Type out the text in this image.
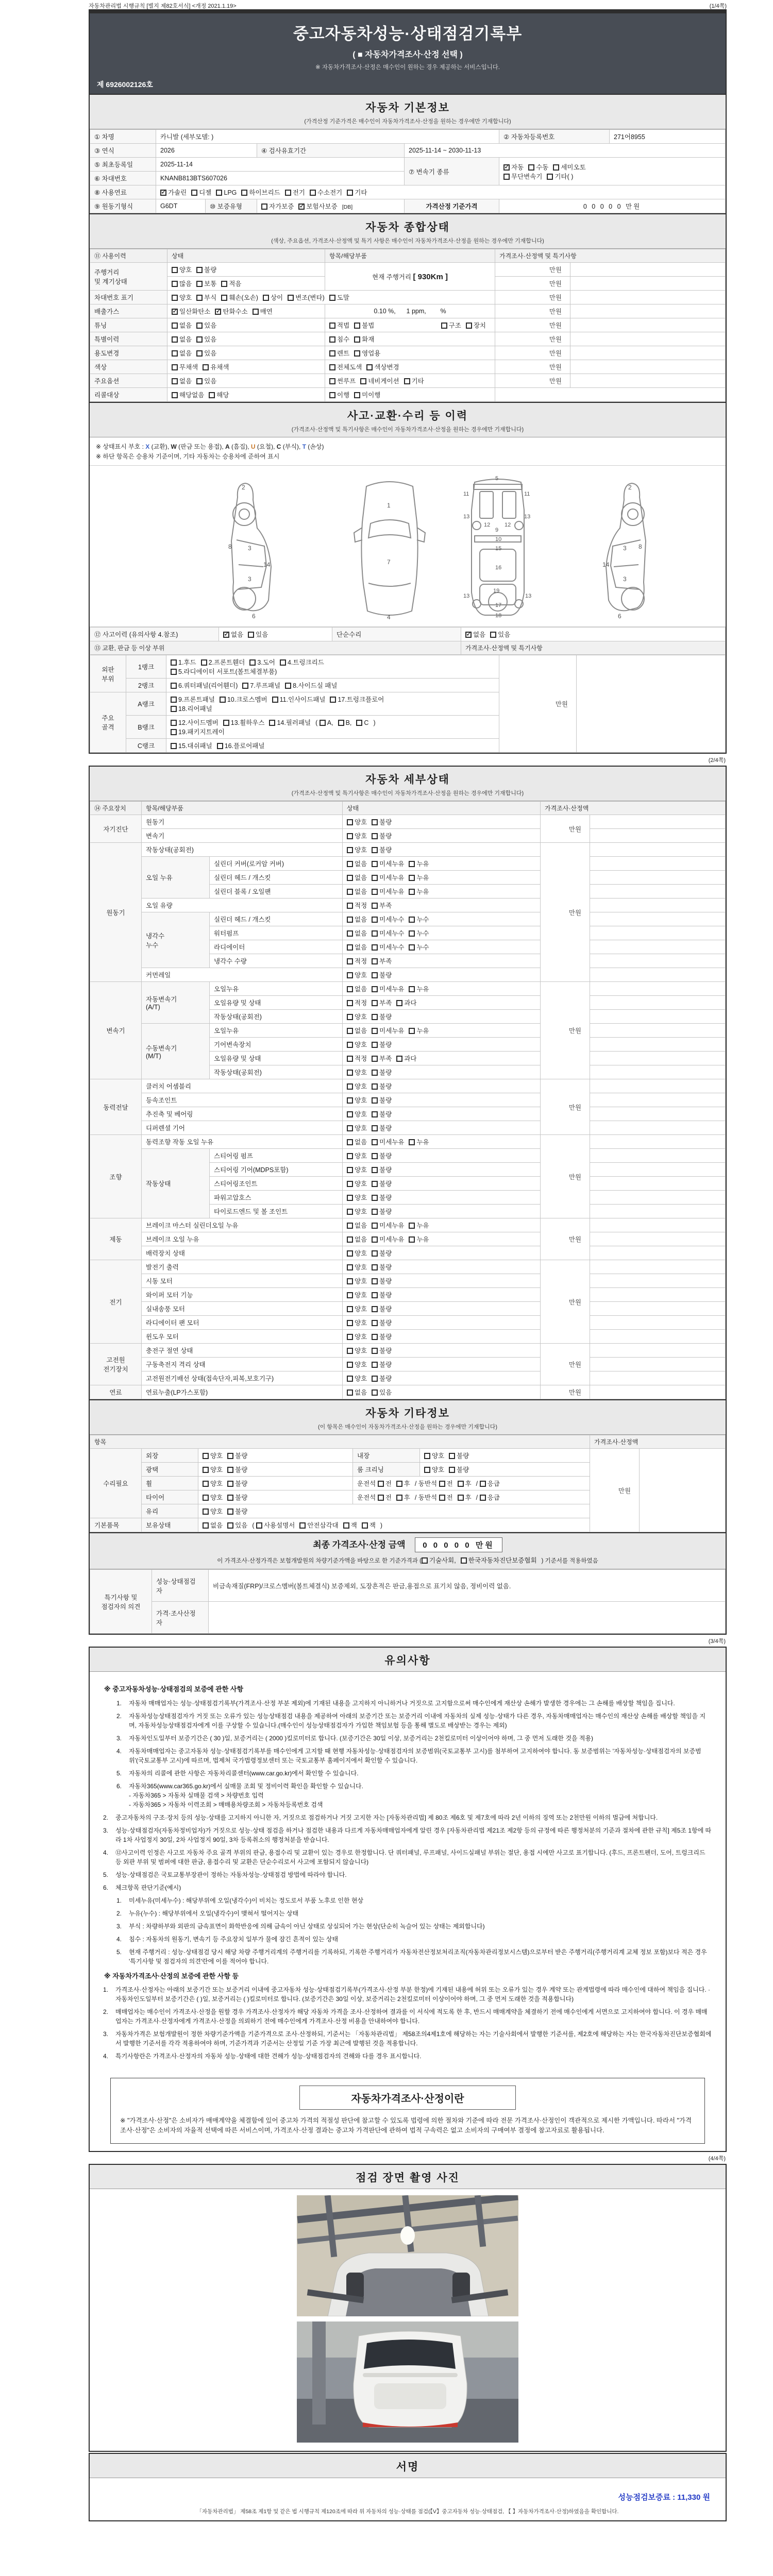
자동차관리법 시행규칙 [별지 제82호서식] <개정 2021.1.19>	(1/4쪽)
중고자동차성능·상태점검기록부
( ■ 자동차가격조사·산정 선택 )
※ 자동차가격조사·산정은 매수인이 원하는 경우 제공하는 서비스입니다.
제 6926002126호
자동차 기본정보
(가격산정 기준가격은 매수인이 자동차가격조사·산정을 원하는 경우에만 기재합니다)
① 차명	카니발 (세부모델: )				② 자동차등록번호	271어8955
③ 연식	2026		④ 검사유효기간	2025-11-14 ~ 2030-11-13		
⑤ 최초등록일	2025-11-14			⑦ 변속기 종류	✓자동 수동 세미오토
무단변속기 기타( )
⑥ 차대번호	KNANB813BTS607026					
⑧ 사용연료	✓가솔린 디젤 LPG 하이브리드 전기 수소전기 기타
⑨ 원동기형식	G6DT	⑩ 보증유형	자가보증 ✓ 보험사보증 [DB]	가격산정 기준가격	0 0 0 0 0 만원	
자동차 종합상태
(색상, 주요옵션, 가격조사·산정액 및 특기 사항은 매수인이 자동차가격조사·산정을 원하는 경우에만 기재합니다)
⑪ 사용이력	상태	항목/해당부품	가격조사·산정액 및 특기사항	
주행거리
및 계기상태	양호 불량	현재 주행거리 [ 930Km ]	만원	
	많음 보통 적음		만원	
차대번호 표기	양호 부식 훼손(오손) 상이 변조(변타) 도말		만원	
배출가스	✓일산화탄소 ✓ 탄화수소 매연	0.10 %,      1 ppm,        %	만원	
튜닝	없음 있음	적법 불법 구조 장치	만원	
특별이력	없음 있음	침수 화재	만원	
용도변경	없음 있음	렌트 영업용	만원	
색상	무채색 유채색	전체도색 색상변경	만원	
주요옵션	없음 있음	썬루프 네비게이션 기타	만원	
리콜대상	해당없음 해당	이행 미이행		
사고·교환·수리 등 이력
(가격조사·산정액 및 특기사항은 매수인이 자동차가격조사·산정을 원하는 경우에만 기재합니다)
※ 상태표시 부호 : X (교환), W (판금 또는 용접), A (흠집), U (요철), C (부식), T (손상)
※ 하단 항목은 승용차 기준이며, 기타 자동차는 승용차에 준하여 표시
2
8	3
14
3
6
1
7
4
5
11	11
13	13
12	12
9
10
15
16
13	13
19
17
18
2
8
3
14
3
6
⑫ 사고이력 (유의사항 4.참조)	✓없음 있음	단순수리	✓없음 있음
⑬ 교환, 판금 등 이상 부위			가격조사·산정액 및 특기사항
외판
부위	1랭크	1.후드 2.프론트휀더 3.도어 4.트렁크리드
5.라디에이터 서포트(볼트체결부품)	만원	
	2랭크	6.쿼터패널(리어휀더) 7.루프패널 8.사이드실 패널		
주요
골격	A랭크	9.프론트패널 10.크로스멤버 11.인사이드패널 17.트렁크플로어
18.리어패널		
	B랭크	12.사이드멤버 13.휠하우스 14.필러패널 ( A, B, C )
19.패키지트레이		
	C랭크	15.대쉬패널 16.플로어패널		
(2/4쪽)
자동차 세부상태
(가격조사·산정액 및 특기사항은 매수인이 자동차가격조사·산정을 원하는 경우에만 기재합니다)
⑭ 주요장치	항목/해당부품		상태	가격조사·산정액	
자기진단	원동기		양호 불량	만원	
	변속기		양호 불량		
원동기	작동상태(공회전)		양호 불량	만원	
	오일 누유	실린더 커버(로커암 커버)	없음 미세누유 누유		
		실린더 헤드 / 개스킷	없음 미세누유 누유		
		실린더 블록 / 오일팬	없음 미세누유 누유		
	오일 유량		적정 부족		
	냉각수
누수	실린더 헤드 / 개스킷	없음 미세누수 누수		
		워터펌프	없음 미세누수 누수		
		라디에이터	없음 미세누수 누수		
		냉각수 수량	적정 부족		
	커먼레일		양호 불량		
변속기	자동변속기
(A/T)	오일누유	없음 미세누유 누유	만원	
		오일유량 및 상태	적정 부족 과다		
		작동상태(공회전)	양호 불량		
	수동변속기
(M/T)	오일누유	없음 미세누유 누유		
		기어변속장치	양호 불량		
		오일유량 및 상태	적정 부족 과다		
		작동상태(공회전)	양호 불량		
동력전달	클러치 어셈블리		양호 불량	만원	
	등속조인트		양호 불량		
	추진축 및 베어링		양호 불량		
	디퍼렌셜 기어		양호 불량		
조향	동력조향 작동 오일 누유		없음 미세누유 누유	만원	
	작동상태	스티어링 펌프	양호 불량		
		스티어링 기어(MDPS포함)	양호 불량		
		스티어링조인트	양호 불량		
		파워고압호스	양호 불량		
		타이로드엔드 및 볼 조인트	양호 불량		
제동	브레이크 마스터 실린더오일 누유		없음 미세누유 누유	만원	
	브레이크 오일 누유		없음 미세누유 누유		
	배력장치 상태		양호 불량		
전기	발전기 출력		양호 불량	만원	
	시동 모터		양호 불량		
	와이퍼 모터 기능		양호 불량		
	실내송풍 모터		양호 불량		
	라디에이터 팬 모터		양호 불량		
	윈도우 모터		양호 불량		
고전원
전기장치	충전구 절연 상태		양호 불량	만원	
	구동축전지 격리 상태		양호 불량		
	고전원전기배선 상태(접속단자,피복,보호기구)		양호 불량		
연료	연료누출(LP가스포함)		없음 있음	만원	
자동차 기타정보
(이 항목은 매수인이 자동차가격조사·산정을 원하는 경우에만 기재합니다)
항목					가격조사·산정액	
수리필요	외장	양호 불량	내장	양호 불량	만원	
	광택	양호 불량	룸 크리닝	양호 불량		
	휠	양호 불량	운전석 전 후 / 동반석 전 후 / 응급			
	타이어	양호 불량	운전석 전 후 / 동반석 전 후 / 응급			
	유리	양호 불량				
기본품목	보유상태	없음 있음 ( 사용설명서 안전삼각대 잭 잭 )				
최종 가격조사·산정 금액 0 0 0 0 0 만원
이 가격조사·산정가격은 보험개발원의 차량기준가액을 바탕으로 한 기준가격과 ( 기술사회, 한국자동차진단보증협회 ) 기준서를 적용하였음
특기사항 및
점검자의 의견	성능·상태점검
자	비금속재질(FRP)/크로스멤버(볼트체결식) 보증제외, 도장흔적은 판금,용접으로 표기치 않음, 정비이력 없음.
	가격·조사산정
자	
(3/4쪽)
유의사항
※ 중고자동차성능·상태점검의 보증에 관한 사항
1.	자동차 매매업자는 성능·상태점검기록부(가격조사·산정 부분 제외)에 기재된 내용을 고지하지 아니하거나 거짓으로 고지함으로써 매수인에게 재산상 손해가 발생한 경우에는 그 손해를 배상할 책임을 집니다.
2.	자동차성능상태점검자가 거짓 또는 오류가 있는 성능상태점검 내용을 제공하여 아래의 보증기간 또는 보증거리 이내에 자동차의 실제 성능·상태가 다른 경우, 자동차매매업자는 매수인의 재산상 손해를 배상할 책임을 지며, 자동차성능상태점검자에게 이를 구상할 수 있습니다.(매수인이 성능상태점검자가 가입한 책임보험 등을 통해 별도로 배상받는 경우는 제외)
3.	자동차인도일부터 보증기간은 ( 30 )일, 보증거리는 ( 2000 )킬로미터로 합니다. (보증기간은 30일 이상, 보증거리는 2천킬로미터 이상이어야 하며, 그 중 먼저 도래한 것을 적용)
4.	자동차매매업자는 중고자동차 성능·상태점검기록부를 매수인에게 고지할 때 현행 자동차성능·상태점검자의 보증범위(국토교통부 고시)를 첨부하여 고지하여야 합니다. 동 보증범위는 '자동차성능·상태점검자의 보증범위'(국토교통부 고시)에 따르며, 법제처 국가법령정보센터 또는 국토교통부 홈페이지에서 확인할 수 있습니다.
5.	자동차의 리콜에 관한 사항은 자동차리콜센터(www.car.go.kr)에서 확인할 수 있습니다.
6.	자동차365(www.car365.go.kr)에서 실매물 조회 및 정비이력 확인을 확인할 수 있습니다.
- 자동차365 > 자동차 실매물 검색 > 차량번호 입력
- 자동차365 > 자동차 이력조회 > 매매용차량조회 > 자동차등록번호 검색
2.	중고자동차의 구조·장치 등의 성능·상태를 고지하지 아니한 자, 거짓으로 점검하거나 거짓 고지한 자는 [자동차관리법] 제 80조 제6호 및 제7호에 따라 2년 이하의 징역 또는 2천만원 이하의 벌금에 처합니다.
3.	성능·상태점검자(자동차정비업자)가 거짓으로 성능·상태 점검을 하거나 점검한 내용과 다르게 자동차매매업자에게 알린 경우 [자동차관리법 제21조 제2항 등의 규정에 따른 행정처분의 기준과 절차에 관한 규칙] 제5조 1항에 따라 1차 사업정지 30일, 2차 사업정지 90일, 3차 등록취소의 행정처분을 받습니다.
4.	⑫사고이력 인정은 사고로 자동차 주요 골격 부위의 판금, 용접수리 및 교환이 있는 경우로 한정합니다. 단 쿼터패널, 루프패널, 사이드실패널 부위는 절단, 용접 시에만 사고로 표기합니다. (후드, 프론트펜더, 도어, 트렁크리드 등 외판 부위 및 범퍼에 대한 판금, 용접수리 및 교환은 단순수리로서 사고에 포함되지 않습니다)
5.	성능·상태점검은 국토교통부장관이 정하는 자동차성능·상태점검 방법에 따라야 합니다.
6.	체크항목 판단기준(예시)
1.	미세누유(미세누수) : 해당부위에 오일(냉각수)이 비치는 정도로서 부품 노후로 인한 현상
2.	누유(누수) : 해당부위에서 오일(냉각수)이 맺혀서 떨어지는 상태
3.	부식 : 차량하부와 외판의 금속표면이 화학반응에 의해 금속이 아닌 상태로 상실되어 가는 현상(단순히 녹슬어 있는 상태는 제외합니다)
4.	침수 : 자동차의 원동기, 변속기 등 주요장치 일부가 물에 잠긴 흔적이 있는 상태
5.	현재 주행거리 : 성능·상태점검 당시 해당 차량 주행거리계의 주행거리를 기록하되, 기록한 주행거리가 자동차전산정보처리조직(자동차관리정보시스템)으로부터 받은 주행거리(주행거리계 교체 정보 포함)보다 적은 경우 '특기사항 및 점검자의 의견'란에 이를 적어야 합니다.
※ 자동차가격조사·산정의 보증에 관한 사항 등
1.	가격조사·산정자는 아래의 보증기간 또는 보증거리 이내에 중고자동차 성능·상태점검기록부(가격조사·산정 부분 한정)에 기재된 내용에 허위 또는 오류가 있는 경우 계약 또는 관계법령에 따라 매수인에 대하여 책임을 집니다. · 자동차인도일부터 보증기간은 ( )일, 보증거리는 ( )킬로미터로 합니다. (보증기간은 30일 이상, 보증거리는 2천킬로미터 이상이어야 하며, 그 중 먼저 도래한 것을 적용합니다)
2.	매매업자는 매수인이 가격조사·산정을 원할 경우 가격조사·산정자가 해당 자동차 가격을 조사·산정하여 결과를 이 서식에 적도록 한 후, 반드시 매매계약을 체결하기 전에 매수인에게 서면으로 고지하여야 합니다. 이 경우 매매업자는 가격조사·산정자에게 가격조사·산정을 의뢰하기 전에 매수인에게 가격조사·산정 비용을 안내하여야 합니다.
3.	자동차가격은 보험개발원이 정한 차량기준가액을 기준가격으로 조사·산정하되, 기준서는 「자동차관리법」 제58조의4제1호에 해당하는 자는 기술사회에서 발행한 기준서를, 제2호에 해당하는 자는 한국자동차진단보증협회에서 발행한 기준서를 각각 적용하여야 하며, 기준가격과 기준서는 산정일 기준 가장 최근에 발행된 것을 적용합니다.
4.	특기사항란은 가격조사·산정자의 자동차 성능·상태에 대한 견해가 성능·상태점검자의 견해와 다를 경우 표시합니다.
자동차가격조사·산정이란
※ "가격조사·산정"은 소비자가 매매계약을 체결함에 있어 중고차 가격의 적절성 판단에 참고할 수 있도록 법령에 의한 절차와 기준에 따라 전문 가격조사·산정인이 객관적으로 제시한 가액입니다. 따라서 "가격조사·산정"은 소비자의 자율적 선택에 따른 서비스이며, 가격조사·산정 결과는 중고차 가격판단에 관하여 법적 구속력은 없고 소비자의 구매여부 결정에 참고자료로 활용됩니다.
(4/4쪽)
점검 장면 촬영 사진
서명
성능점검보증료 : 11,330 원
「자동차관리법」 제58조 제1항 및 같은 법 시행규칙 제120조에 따라 위 자동차의 성능·상태를 점검(【V】중고자동차 성능·상태점검, 【 】자동차가격조사·산정)하였음을 확인합니다.
